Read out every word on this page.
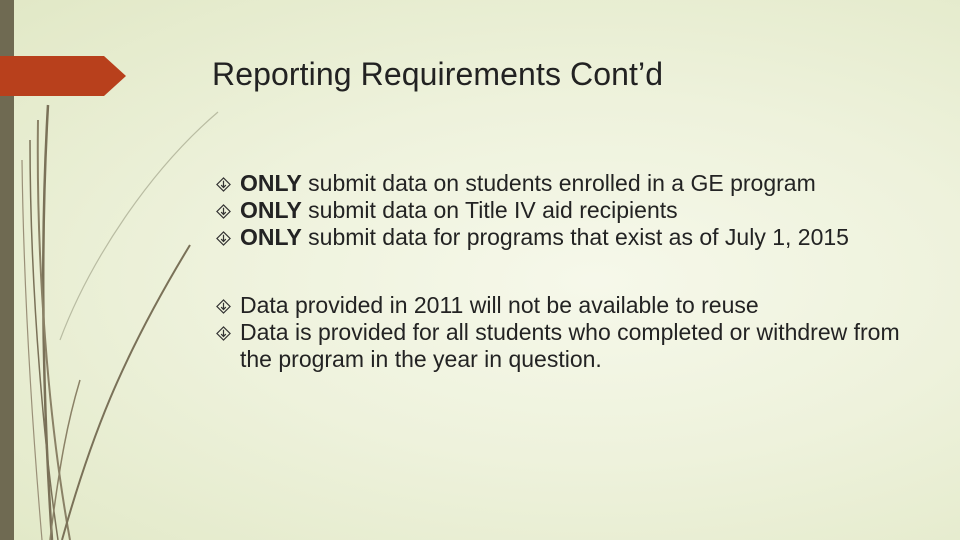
Reporting Requirements Cont’d

ONLY submit data on students enrolled in a GE program

ONLY submit data on Title IV aid recipients

ONLY submit data for programs that exist as of July 1, 2015

Data provided in 2011 will not be available to reuse

Data is provided for all students who completed or withdrew from the program in the year in question.
